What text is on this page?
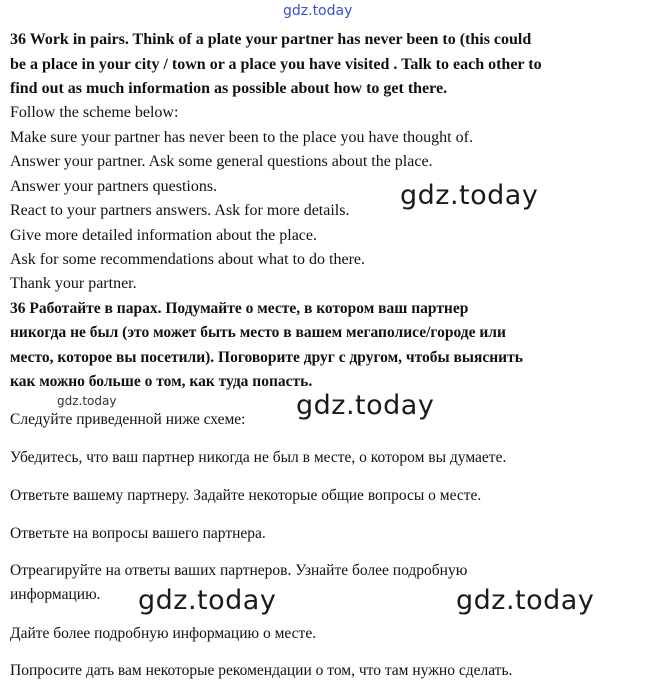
gdz.today
36 Work in pairs. Think of a plate your partner has never been to (this could
be a place in your city / town or a place you have visited . Talk to each other to
find out as much information as possible about how to get there.
Follow the scheme below:
Make sure your partner has never been to the place you have thought of.
Answer your partner. Ask some general questions about the place.
Answer your partners questions.
React to your partners answers. Ask for more details.
Give more detailed information about the place.
Ask for some recommendations about what to do there.
Thank your partner.
gdz.today
36 Работайте в парах. Подумайте о месте, в котором ваш партнер
никогда не был (это может быть место в вашем мегаполисе/городе или
место, которое вы посетили). Поговорите друг с другом, чтобы выяснить
как можно больше о том, как туда попасть.
gdz.today
Следуйте приведенной ниже схеме: gdz.today
Убедитесь, что ваш партнер никогда не был в месте, о котором вы думаете.
Ответьте вашему партнеру. Задайте некоторые общие вопросы о месте.
Ответьте на вопросы вашего партнера.
Отреагируйте на ответы ваших партнеров. Узнайте более подробную
информацию. gdz.today	gdz.today
Дайте более подробную информацию о месте.
Попросите дать вам некоторые рекомендации о том, что там нужно сделать.
